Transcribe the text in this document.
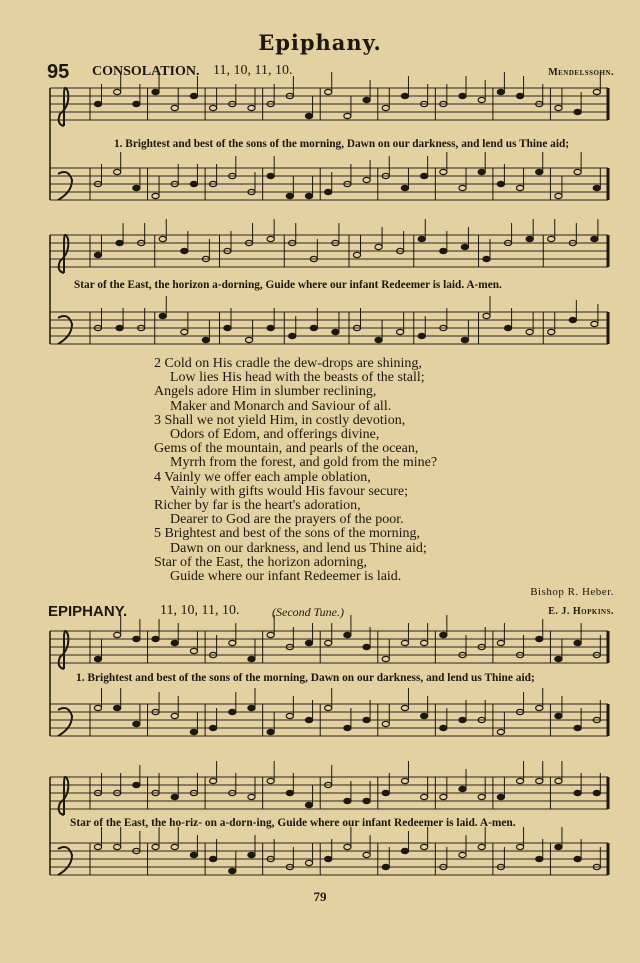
Epiphany.
95 CONSOLATION. 11, 10, 11, 10.	Mendelssohn.
1. Brightest and best of the sons of the morning, Dawn on our darkness, and lend us Thine aid;
Star of the East, the horizon a-dorning, Guide where our infant Redeemer is laid. A-men.
2 Cold on His cradle the dew-drops are shining,
Low lies His head with the beasts of the stall;
Angels adore Him in slumber reclining,
Maker and Monarch and Saviour of all.
3 Shall we not yield Him, in costly devotion,
Odors of Edom, and offerings divine,
Gems of the mountain, and pearls of the ocean,
Myrrh from the forest, and gold from the mine?
4 Vainly we offer each ample oblation,
Vainly with gifts would His favour secure;
Richer by far is the heart's adoration,
Dearer to God are the prayers of the poor.
5 Brightest and best of the sons of the morning,
Dawn on our darkness, and lend us Thine aid;
Star of the East, the horizon adorning,
Guide where our infant Redeemer is laid.
Bishop R. Heber.
EPIPHANY. 11, 10, 11, 10.	(Second Tune.)	E. J. Hopkins.
1. Brightest and best of the sons of the morning, Dawn on our darkness, and lend us Thine aid;
Star of the East, the ho-riz- on a-dorn-ing, Guide where our infant Redeemer is laid. A-men.
79
